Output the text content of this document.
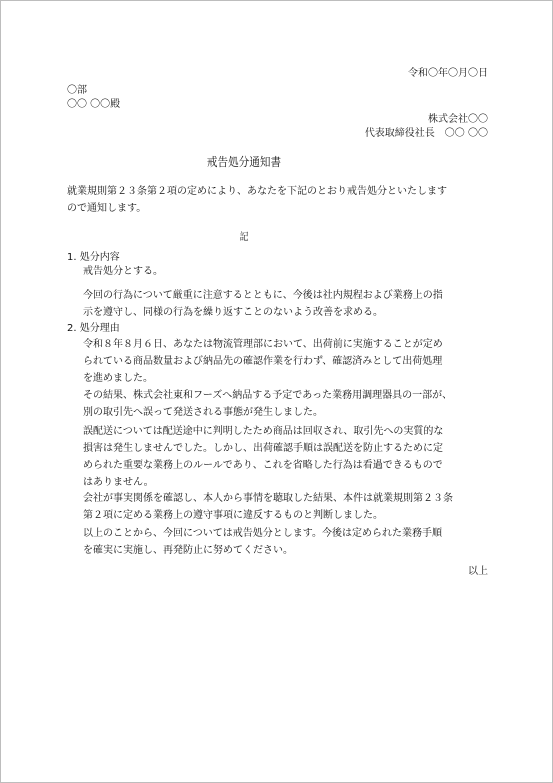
令和〇年〇月〇日
〇部
〇〇 〇〇殿
株式会社〇〇
代表取締役社長　〇〇 〇〇
戒告処分通知書
就業規則第２３条第２項の定めにより、あなたを下記のとおり戒告処分といたします
ので通知します。
記
1. 処分内容
戒告処分とする。
今回の行為について厳重に注意するとともに、今後は社内規程および業務上の指
示を遵守し、同様の行為を繰り返すことのないよう改善を求める。
2. 処分理由
令和８年８月６日、あなたは物流管理部において、出荷前に実施することが定め
られている商品数量および納品先の確認作業を行わず、確認済みとして出荷処理
を進めました。
その結果、株式会社東和フーズへ納品する予定であった業務用調理器具の一部が、
別の取引先へ誤って発送される事態が発生しました。
誤配送については配送途中に判明したため商品は回収され、取引先への実質的な
損害は発生しませんでした。しかし、出荷確認手順は誤配送を防止するために定
められた重要な業務上のルールであり、これを省略した行為は看過できるもので
はありません。
会社が事実関係を確認し、本人から事情を聴取した結果、本件は就業規則第２３条
第２項に定める業務上の遵守事項に違反するものと判断しました。
以上のことから、今回については戒告処分とします。今後は定められた業務手順
を確実に実施し、再発防止に努めてください。
以上
